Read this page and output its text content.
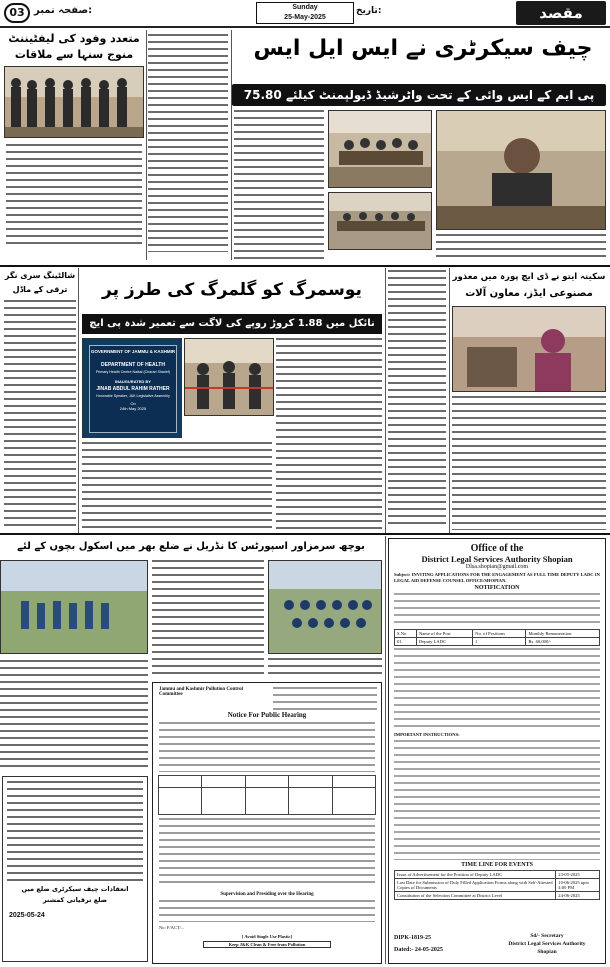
03 صفحہ نمبر:	Sunday
25-May-2025
تاریخ:	مقصد
چیف سیکرٹری نے ایس ایل ایس
پی ایم کے ایس وائی کے تحت واٹرشیڈ ڈیولپمنٹ کیلئے 75.80
متعدد وفود کی لیفٹیننٹ
منوج سنہا سے ملاقات
شالٹینگ سری نگر
ترقی کے ماڈل	یوسمرگ کو گلمرگ کی طرز پر
نائکل میں 1.88 کروڑ روپے کی لاگت سے تعمیر شدہ پی ایچ
GOVERNMENT OF JAMMU & KASHMIR
DEPARTMENT OF HEALTH
Primary Health Centre Naikal (Charari Sharief)
INAUGURATED BY
JINAB ABDUL RAHIM RATHER
Honorable Speaker, J&K Legislative Assembly
On
24th May 2025
سکینہ ایتو نے ڈی ایچ پورہ میں معذور
مصنوعی ایڈز، معاون آلات
بوچھ سرمزاور اسپورٹس کا نڈریل نے ضلع بھر میں اسکول بچوں کے لئے
انعقادات چیف سیکرٹری ضلع میں
ضلع ترقیاتی کمشنر
2025-05-24
Jammu and Kashmir Pollution Control Committee
Notice For Public Hearing

Supervision and Presiding over the Hearing
No: F/ACT/...
[ Avoid Single Use Plastic]
Keep J&K Clean & Free from Pollution
Office of the
District Legal Services Authority Shopian
Dlsa.shopian@gmail.com
Subject: INVITING APPLICATIONS FOR THE ENGAGEMENT AS FULL TIME DEPUTY LADC IN LEGAL AID DEFENSE COUNSEL OFFICE/SHOPIAN.
NOTIFICATION
S.No	Name of the Post	No. of Positions	Monthly Remuneration
01.	Deputy LADC	1	Rs. 60,000/-
IMPORTANT INSTRUCTIONS:
TIME LINE FOR EVENTS
Issue of Advertisement for the Position of Deputy LADC	23-05-2025
Last Date for Submission of Duly Filled Application Forms along with Self-Attested Copies of Documents	10-06-2025 upto 4:00 PM
Constitution of the Selection Committee at District Level	24-06-2025
DIPK-1819-25
Dated:- 24-05-2025
Sd/- Secretary
District Legal Services Authority
Shopian
